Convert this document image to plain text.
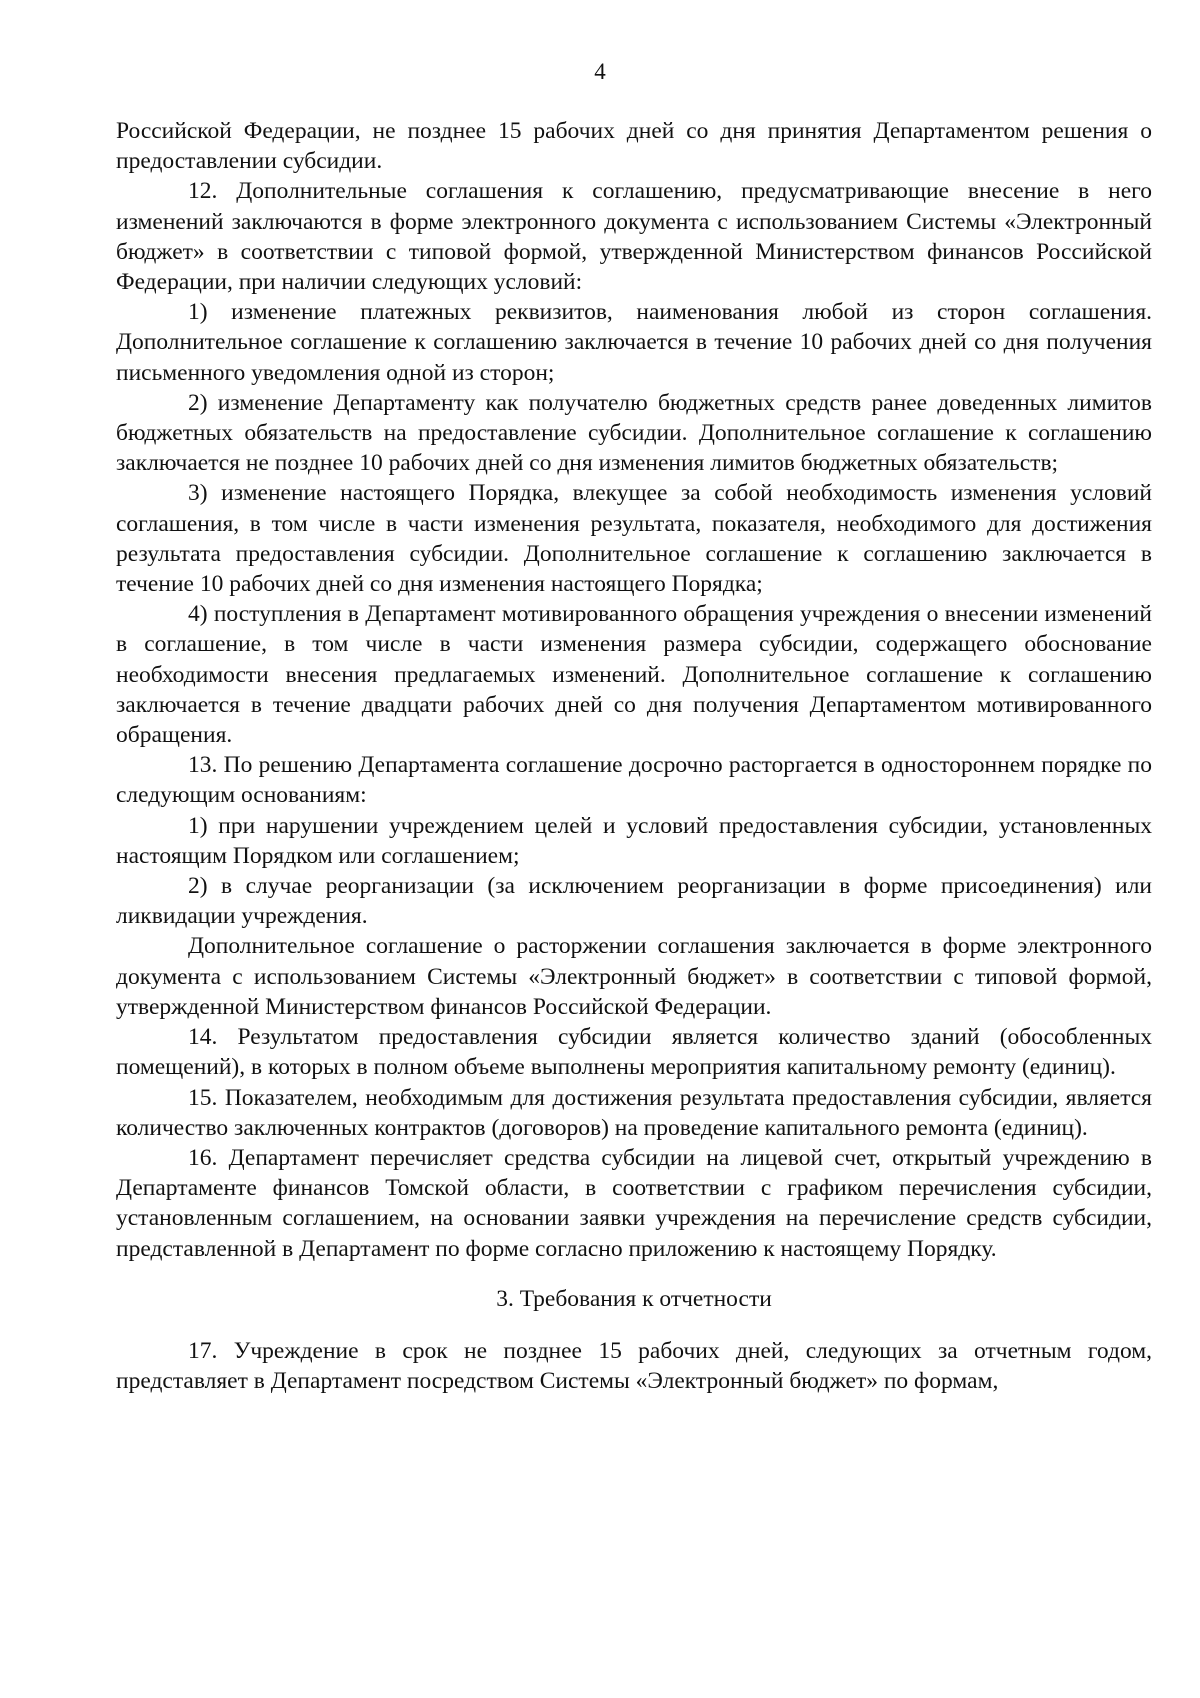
4

Российской Федерации, не позднее 15 рабочих дней со дня принятия Департаментом решения о предоставлении субсидии.

12. Дополнительные соглашения к соглашению, предусматривающие внесение в него изменений заключаются в форме электронного документа с использованием Системы «Электронный бюджет» в соответствии с типовой формой, утвержденной Министерством финансов Российской Федерации, при наличии следующих условий:

1) изменение платежных реквизитов, наименования любой из сторон соглашения. Дополнительное соглашение к соглашению заключается в течение 10 рабочих дней со дня получения письменного уведомления одной из сторон;

2) изменение Департаменту как получателю бюджетных средств ранее доведенных лимитов бюджетных обязательств на предоставление субсидии. Дополнительное соглашение к соглашению заключается не позднее 10 рабочих дней со дня изменения лимитов бюджетных обязательств;

3) изменение настоящего Порядка, влекущее за собой необходимость изменения условий соглашения, в том числе в части изменения результата, показателя, необходимого для достижения результата предоставления субсидии. Дополнительное соглашение к соглашению заключается в течение 10 рабочих дней со дня изменения настоящего Порядка;

4) поступления в Департамент мотивированного обращения учреждения о внесении изменений в соглашение, в том числе в части изменения размера субсидии, содержащего обоснование необходимости внесения предлагаемых изменений. Дополнительное соглашение к соглашению заключается в течение двадцати рабочих дней со дня получения Департаментом мотивированного обращения.

13. По решению Департамента соглашение досрочно расторгается в одностороннем порядке по следующим основаниям:

1) при нарушении учреждением целей и условий предоставления субсидии, установленных настоящим Порядком или соглашением;

2) в случае реорганизации (за исключением реорганизации в форме присоединения) или ликвидации учреждения.

Дополнительное соглашение о расторжении соглашения заключается в форме электронного документа с использованием Системы «Электронный бюджет» в соответствии с типовой формой, утвержденной Министерством финансов Российской Федерации.

14. Результатом предоставления субсидии является количество зданий (обособленных помещений), в которых в полном объеме выполнены мероприятия капитальному ремонту (единиц).

15. Показателем, необходимым для достижения результата предоставления субсидии, является количество заключенных контрактов (договоров) на проведение капитального ремонта (единиц).

16. Департамент перечисляет средства субсидии на лицевой счет, открытый учреждению в Департаменте финансов Томской области, в соответствии с графиком перечисления субсидии, установленным соглашением, на основании заявки учреждения на перечисление средств субсидии, представленной в Департамент по форме согласно приложению к настоящему Порядку.

3. Требования к отчетности

17. Учреждение в срок не позднее 15 рабочих дней, следующих за отчетным годом, представляет в Департамент посредством Системы «Электронный бюджет» по формам,
